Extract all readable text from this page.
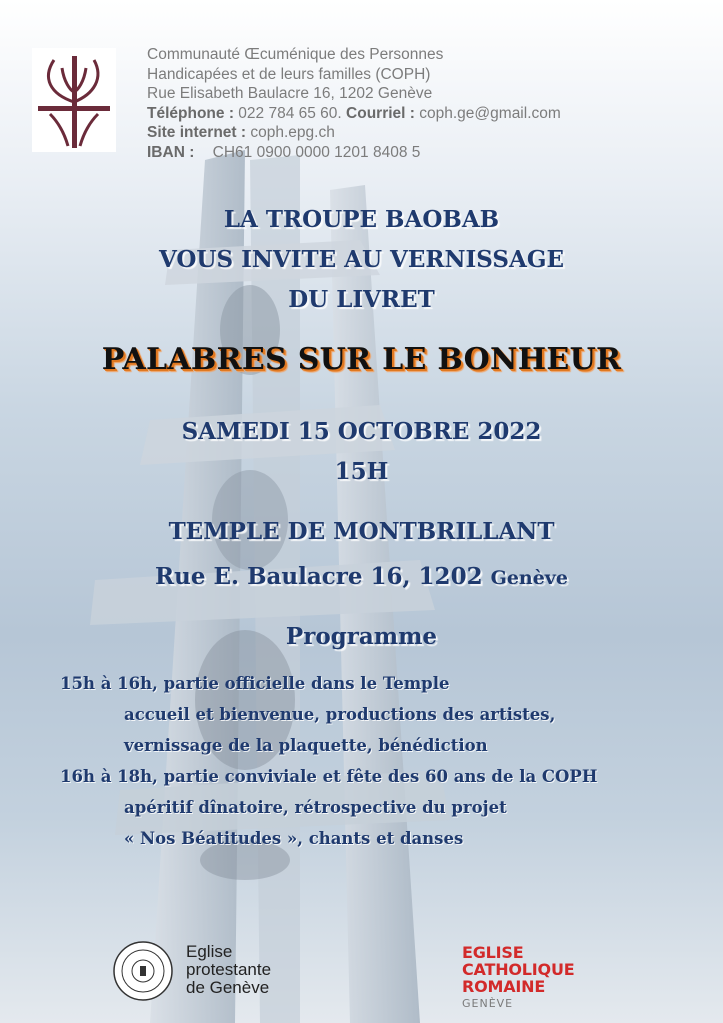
Communauté Œcuménique des Personnes
Handicapées et de leurs familles (COPH)
Rue Elisabeth Baulacre 16, 1202 Genève
Téléphone : 022 784 65 60. Courriel : coph.ge@gmail.com
Site internet : coph.epg.ch
IBAN : CH61 0900 0000 1201 8408 5
LA TROUPE BAOBAB
VOUS INVITE AU VERNISSAGE
DU LIVRET
PALABRES SUR LE BONHEUR
SAMEDI 15 OCTOBRE 2022
15H
TEMPLE DE MONTBRILLANT
Rue E. Baulacre 16, 1202 Genève
Programme
15h à 16h, partie officielle dans le Temple
accueil et bienvenue, productions des artistes,
vernissage de la plaquette, bénédiction
16h à 18h, partie conviviale et fête des 60 ans de la COPH
apéritif dînatoire, rétrospective du projet
« Nos Béatitudes », chants et danses
Eglise
protestante
de Genève
EGLISE
CATHOLIQUE
ROMAINE
GENÈVE
